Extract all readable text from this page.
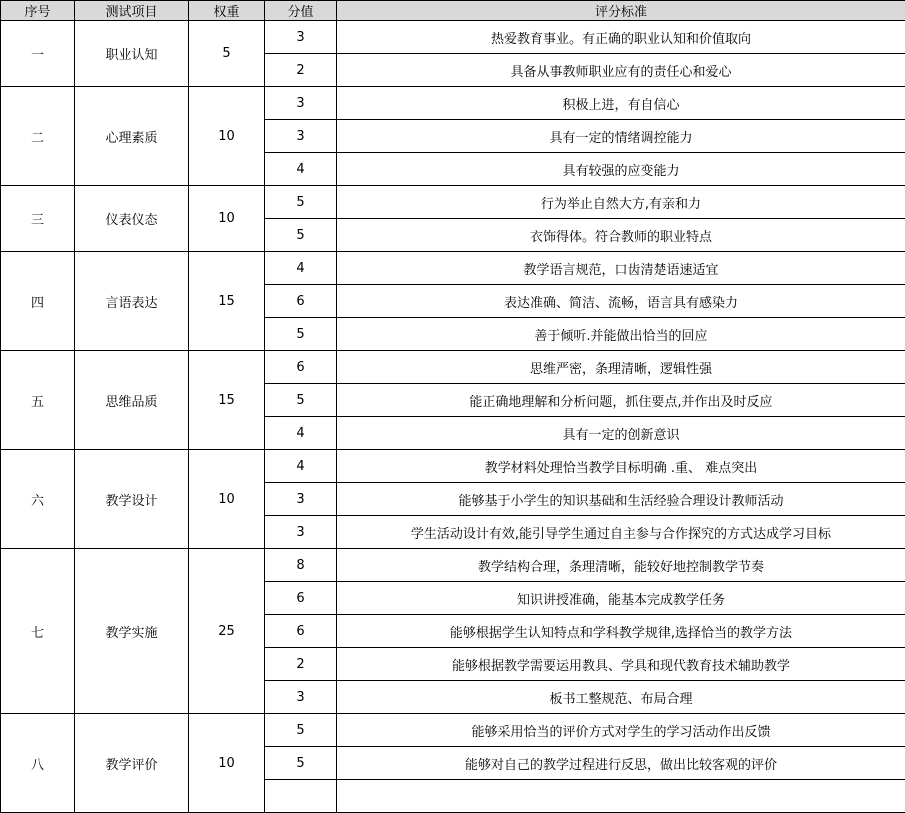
序号	测试项目	权重	分值	评分标准
一	职业认知	5	3	热爱教育事业。有正确的职业认知和价值取向
			2	具备从事教师职业应有的责任心和爱心
二	心理素质	10	3	积极上进，有自信心
			3	具有一定的情绪调控能力
			4	具有较强的应变能力
三	仪表仪态	10	5	行为举止自然大方,有亲和力
			5	衣饰得体。符合教师的职业特点
四	言语表达	15	4	教学语言规范，口齿清楚语速适宜
			6	表达准确、简洁、流畅，语言具有感染力
			5	善于倾听.并能做出恰当的回应
五	思维品质	15	6	思维严密，条理清晰，逻辑性强
			5	能正确地理解和分析问题，抓住要点,并作出及时反应
			4	具有一定的创新意识
六	教学设计	10	4	教学材料处理恰当教学目标明确 .重、 难点突出
			3	能够基于小学生的知识基础和生活经验合理设计教师活动
			3	学生活动设计有效,能引导学生通过自主参与合作探究的方式达成学习目标
七	教学实施	25	8	教学结构合理，条理清晰，能较好地控制教学节奏
			6	知识讲授准确，能基本完成教学任务
			6	能够根据学生认知特点和学科教学规律,选择恰当的教学方法
			2	能够根据教学需要运用教具、学具和现代教育技术辅助教学
			3	板书工整规范、布局合理
八	教学评价	10	5	能够采用恰当的评价方式对学生的学习活动作出反馈
			5	能够对自己的教学过程进行反思，做出比较客观的评价
